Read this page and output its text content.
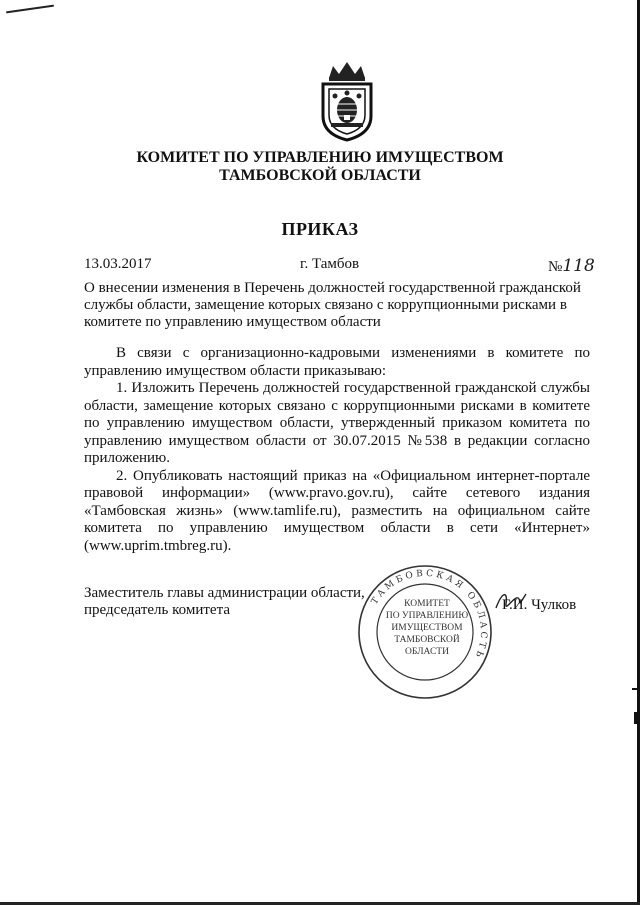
КОМИТЕТ ПО УПРАВЛЕНИЮ ИМУЩЕСТВОМ
ТАМБОВСКОЙ ОБЛАСТИ
ПРИКАЗ
13.03.2017	г. Тамбов	№118
О внесении изменения в Перечень должностей государственной гражданской службы области, замещение которых связано с коррупционными рисками в комитете по управлению имуществом области

В связи с организационно-кадровыми изменениями в комитете по управлению имуществом области приказываю:

1. Изложить Перечень должностей государственной гражданской службы области, замещение которых связано с коррупционными рисками в комитете по управлению имуществом области, утвержденный приказом комитета по управлению имуществом области от 30.07.2015 №538 в редакции согласно приложению.

2. Опубликовать настоящий приказ на «Официальном интернет-портале правовой информации» (www.pravo.gov.ru), сайте сетевого издания «Тамбовская жизнь» (www.tamlife.ru), разместить на официальном сайте комитета по управлению имуществом области в сети «Интернет» (www.uprim.tmbreg.ru).

Заместитель главы администрации области,
председатель комитета
ТАМБОВСКАЯ ОБЛАСТЬ
КОМИТЕТ
ПО УПРАВЛЕНИЮ
ИМУЩЕСТВОМ
ТАМБОВСКОЙ
ОБЛАСТИ
Г.И. Чулков
